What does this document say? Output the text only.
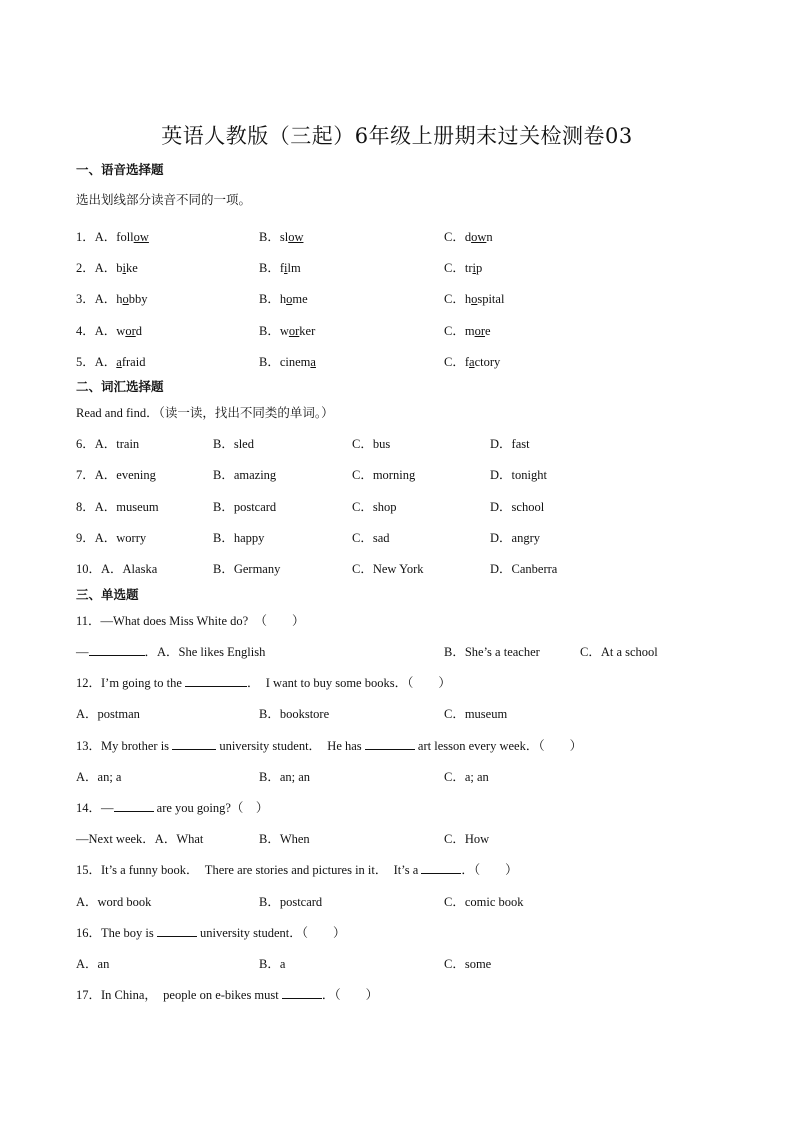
英语人教版（三起）6年级上册期末过关检测卷03
一、语音选择题
选出划线部分读音不同的一项。
1．A．follow	B．slow	C．down
2．A．bike	B．film	C．trip
3．A．hobby	B．home	C．hospital
4．A．word	B．worker	C．more
5．A．afraid	B．cinema	C．factory
二、词汇选择题
Read and find．（读一读，找出不同类的单词。）
6．A．train	B．sled	C．bus	D．fast
7．A．evening	B．amazing	C．morning	D．tonight
8．A．museum	B．postcard	C．shop	D．school
9．A．worry	B．happy	C．sad	D．angry
10．A．Alaska	B．Germany	C．New York	D．Canberra
三、单选题
11．—What does Miss White do?　（　　）
—	．A．She likes English	B．She’s a teacher	C．At a school
12．I’m going to the	．　I want to buy some books．（　　）
A．postman	B．bookstore	C．museum
13．My brother is	university student．　He has	art lesson every week．（　　）
A．an; a	B．an; an	C．a; an
14．—	are you going?（　）
—Next week．A．What	B．When	C．How
15．It’s a funny book．　There are stories and pictures in it．　It’s a	．（　　）
A．word book	B．postcard	C．comic book
16．The boy is	university student．（　　）
A．an	B．a	C．some
17．In China，　people on e-bikes must	．（　　）
